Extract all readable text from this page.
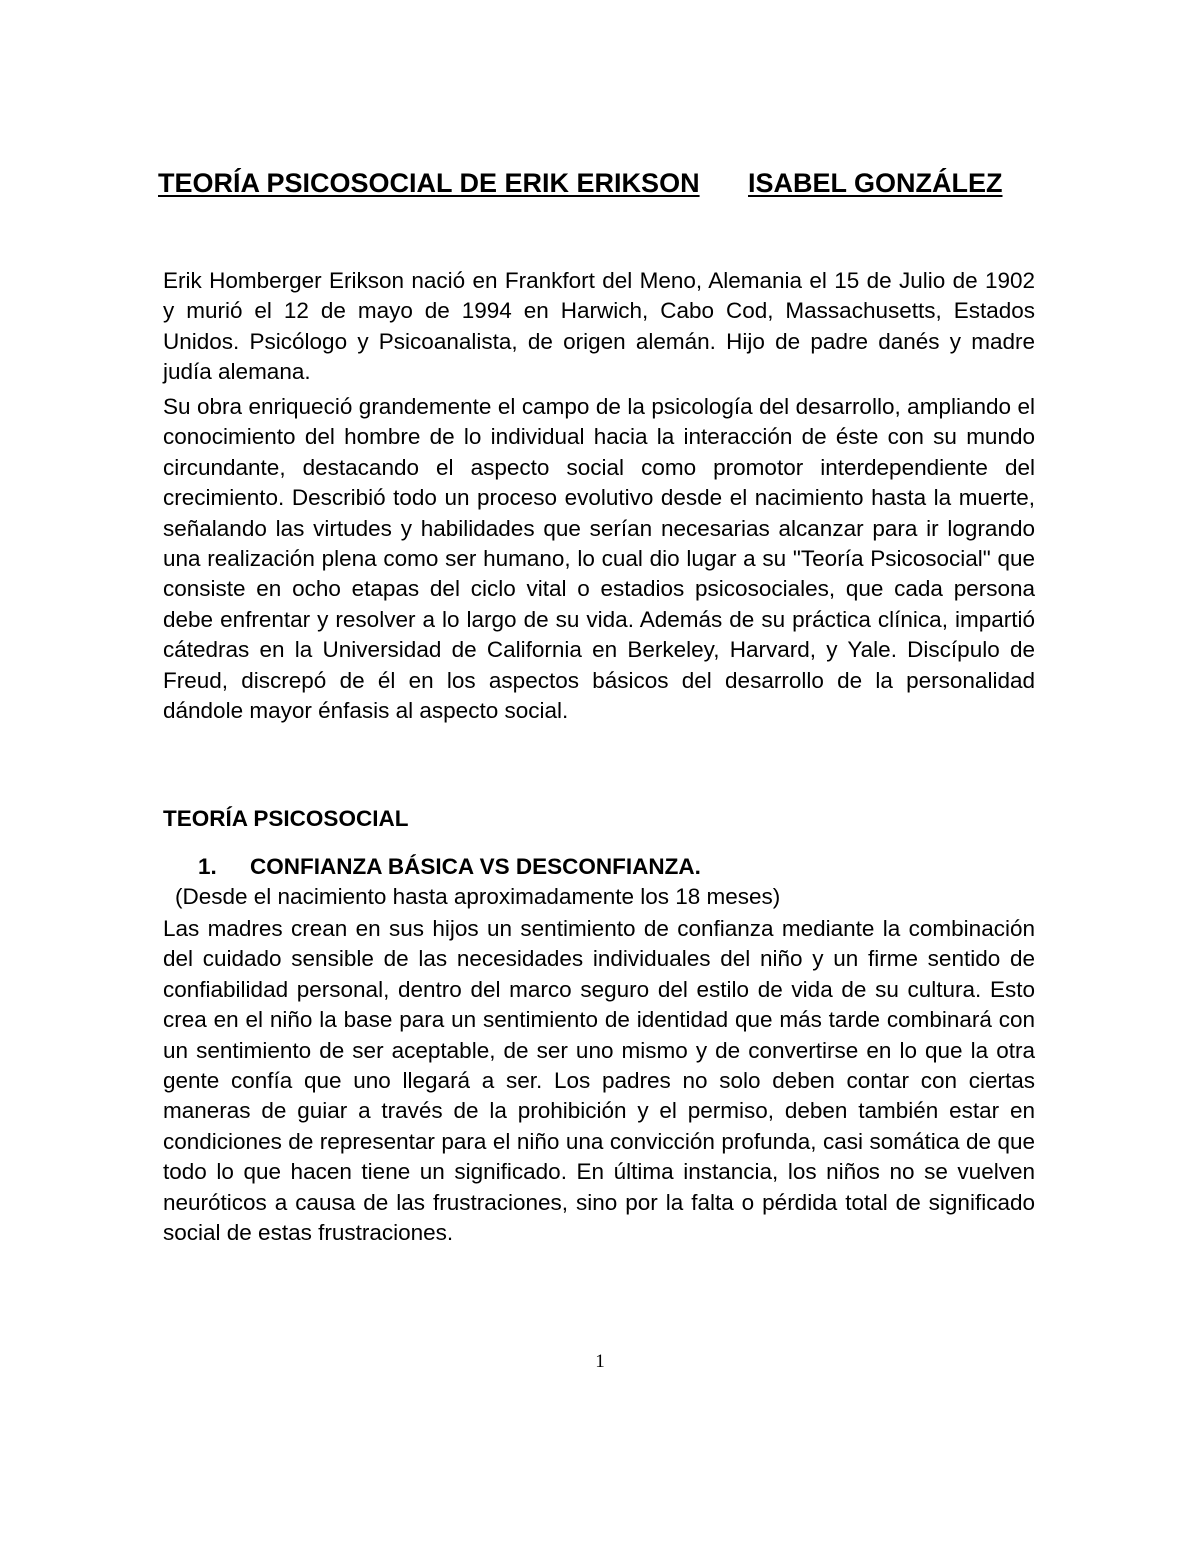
TEORÍA PSICOSOCIAL DE ERIK ERIKSON ISABEL GONZÁLEZ

Erik Homberger Erikson nació en Frankfort del Meno, Alemania el 15 de Julio de 1902 y murió el 12 de mayo de 1994 en Harwich, Cabo Cod, Massachusetts, Estados Unidos. Psicólogo y Psicoanalista, de origen alemán. Hijo de padre danés y madre judía alemana.

Su obra enriqueció grandemente el campo de la psicología del desarrollo, ampliando el conocimiento del hombre de lo individual hacia la interacción de éste con su mundo circundante, destacando el aspecto social como promotor interdependiente del crecimiento. Describió todo un proceso evolutivo desde el nacimiento hasta la muerte, señalando las virtudes y habilidades que serían necesarias alcanzar para ir logrando una realización plena como ser humano, lo cual dio lugar a su "Teoría Psicosocial" que consiste en ocho etapas del ciclo vital o estadios psicosociales, que cada persona debe enfrentar y resolver a lo largo de su vida. Además de su práctica clínica, impartió cátedras en la Universidad de California en Berkeley, Harvard, y Yale. Discípulo de Freud, discrepó de él en los aspectos básicos del desarrollo de la personalidad dándole mayor énfasis al aspecto social.

TEORÍA PSICOSOCIAL
1. CONFIANZA BÁSICA VS DESCONFIANZA.

(Desde el nacimiento hasta aproximadamente los 18 meses)

Las madres crean en sus hijos un sentimiento de confianza mediante la combinación del cuidado sensible de las necesidades individuales del niño y un firme sentido de confiabilidad personal, dentro del marco seguro del estilo de vida de su cultura. Esto crea en el niño la base para un sentimiento de identidad que más tarde combinará con un sentimiento de ser aceptable, de ser uno mismo y de convertirse en lo que la otra gente confía que uno llegará a ser. Los padres no solo deben contar con ciertas maneras de guiar a través de la prohibición y el permiso, deben también estar en condiciones de representar para el niño una convicción profunda, casi somática de que todo lo que hacen tiene un significado. En última instancia, los niños no se vuelven neuróticos a causa de las frustraciones, sino por la falta o pérdida total de significado social de estas frustraciones.

1
